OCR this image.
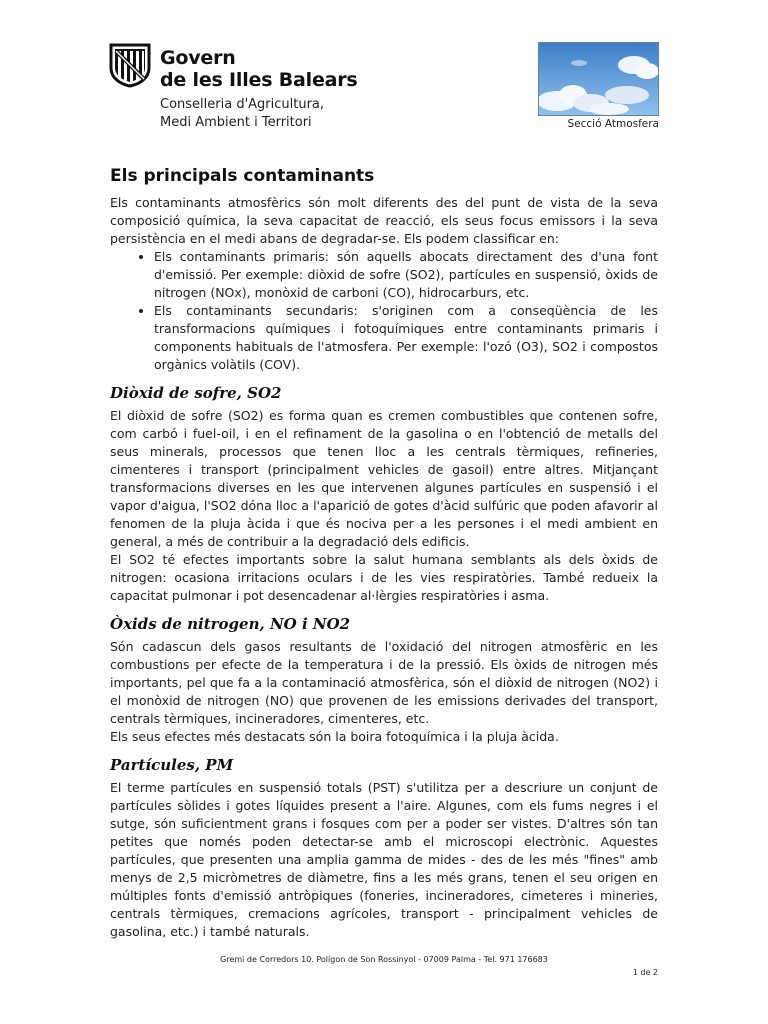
Govern
de les Illes Balears
Conselleria d'Agricultura,
Medi Ambient i Territori	Secció Atmosfera
Els principals contaminants

Els contaminants atmosfèrics són molt diferents des del punt de vista de la seva composició química, la seva capacitat de reacció, els seus focus emissors i la seva persistència en el medi abans de degradar-se. Els podem classificar en:

• Els contaminants primaris: són aquells abocats directament des d'una font d'emissió. Per exemple: diòxid de sofre (SO2), partícules en suspensió, òxids de nitrogen (NOx), monòxid de carboni (CO), hidrocarburs, etc.
• Els contaminants secundaris: s'originen com a conseqüència de les transformacions químiques i fotoquímiques entre contaminants primaris i components habituals de l'atmosfera. Per exemple: l'ozó (O3), SO2 i compostos orgànics volàtils (COV).
Diòxid de sofre, SO2

El diòxid de sofre (SO2) es forma quan es cremen combustibles que contenen sofre, com carbó i fuel-oil, i en el refinament de la gasolina o en l'obtenció de metalls del seus minerals, processos que tenen lloc a les centrals tèrmiques, refineries, cimenteres i transport (principalment vehicles de gasoil) entre altres. Mitjançant transformacions diverses en les que intervenen algunes partícules en suspensió i el vapor d'aigua, l'SO2 dóna lloc a l'aparició de gotes d'àcid sulfúric que poden afavorir al fenomen de la pluja àcida i que és nociva per a les persones i el medi ambient en general, a més de contribuir a la degradació dels edificis.

El SO2 té efectes importants sobre la salut humana semblants als dels òxids de nitrogen: ocasiona irritacions oculars i de les vies respiratòries. També redueix la capacitat pulmonar i pot desencadenar al·lèrgies respiratòries i asma.

Òxids de nitrogen, NO i NO2

Són cadascun dels gasos resultants de l'oxidació del nitrogen atmosfèric en les combustions per efecte de la temperatura i de la pressió. Els òxids de nitrogen més importants, pel que fa a la contaminació atmosfèrica, són el diòxid de nitrogen (NO2) i el monòxid de nitrogen (NO) que provenen de les emissions derivades del transport, centrals tèrmiques, incineradores, cimenteres, etc.

Els seus efectes més destacats són la boira fotoquímica i la pluja àcida.

Partícules, PM

El terme partícules en suspensió totals (PST) s'utilitza per a descriure un conjunt de partícules sòlides i gotes líquides present a l'aire. Algunes, com els fums negres i el sutge, són suficientment grans i fosques com per a poder ser vistes. D'altres són tan petites que només poden detectar-se amb el microscopi electrònic. Aquestes partícules, que presenten una amplia gamma de mides - des de les més "fines" amb menys de 2,5 micròmetres de diàmetre, fins a les més grans, tenen el seu origen en múltiples fonts d'emissió antròpiques (foneries, incineradores, cimeteres i mineries, centrals tèrmiques, cremacions agrícoles, transport - principalment vehicles de gasolina, etc.) i també naturals.

Gremi de Corredors 10. Polígon de Son Rossinyol - 07009 Palma - Tel. 971 176683
1 de 2
